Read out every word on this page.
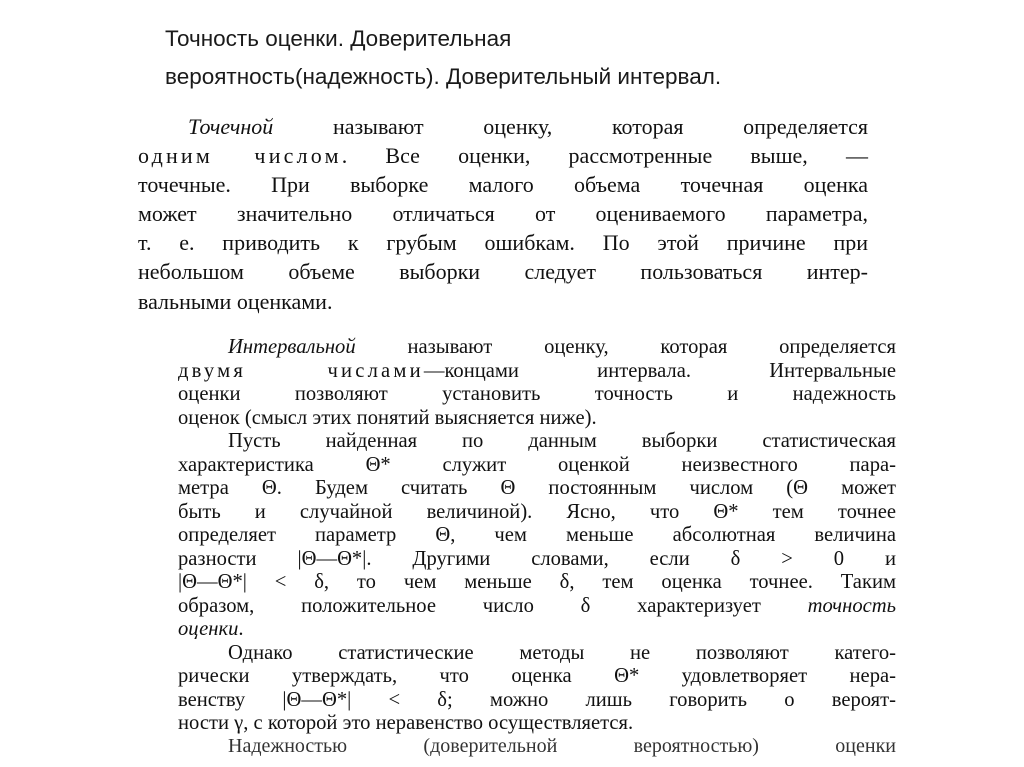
Точность оценки. Доверительная
вероятность(надежность). Доверительный интервал.
Точечной называют оценку, которая определяется
одним числом. Все оценки, рассмотренные выше, —
точечные. При выборке малого объема точечная оценка
может значительно отличаться от оцениваемого параметра,
т. е. приводить к грубым ошибкам. По этой причине при
небольшом объеме выборки следует пользоваться интер-
вальными оценками.
Интервальной называют оценку, которая определяется
двумя числами—концами интервала. Интервальные
оценки позволяют установить точность и надежность
оценок (смысл этих понятий выясняется ниже).
Пусть найденная по данным выборки статистическая
характеристика Θ* служит оценкой неизвестного пара-
метра Θ. Будем считать Θ постоянным числом (Θ может
быть и случайной величиной). Ясно, что Θ* тем точнее
определяет параметр Θ, чем меньше абсолютная величина
разности |Θ—Θ*|. Другими словами, если δ > 0 и
|Θ—Θ*| < δ, то чем меньше δ, тем оценка точнее. Таким
образом, положительное число δ характеризует точность
оценки.
Однако статистические методы не позволяют катего-
рически утверждать, что оценка Θ* удовлетворяет нера-
венству |Θ—Θ*| < δ; можно лишь говорить о вероят-
ности γ, с которой это неравенство осуществляется.
Надежностью (доверительной вероятностью) оценки
